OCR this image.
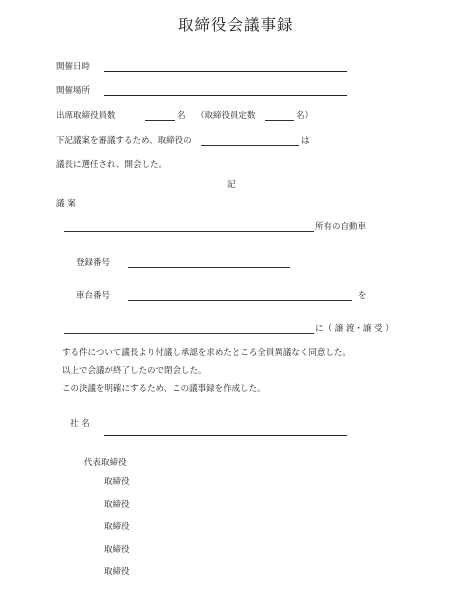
取締役会議事録
開催日時
開催場所
出席取締役員数	名 （取締役員定数	名）
下記議案を審議するため、取締役の	は
議長に選任され、開会した。
記
議 案
所有の自動車
登録番号
車台番号	を
に（ 譲 渡・譲 受 ）
する件について議長より付議し承認を求めたところ全員異議なく同意した。
以上で会議が終了したので閉会した。
この決議を明確にするため、この議事録を作成した。
社 名
代表取締役
取締役
取締役
取締役
取締役
取締役
